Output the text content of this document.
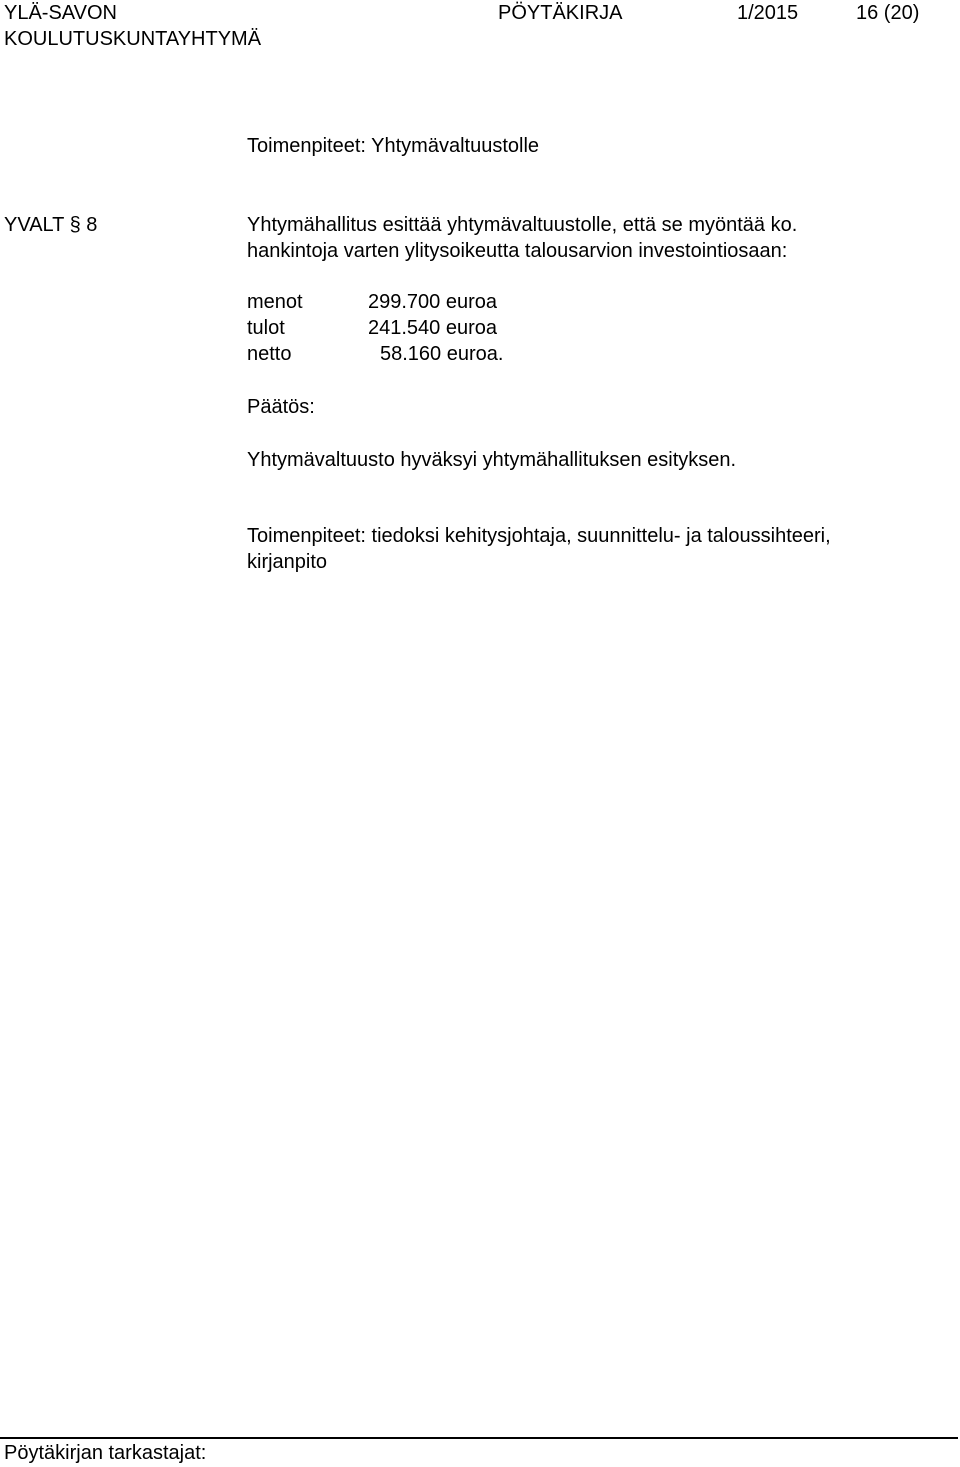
YLÄ-SAVON
KOULUTUSKUNTAYHTYMÄ
PÖYTÄKIRJA	1/2015	16 (20)
Toimenpiteet: Yhtymävaltuustolle
YVALT § 8	Yhtymähallitus esittää yhtymävaltuustolle, että se myöntää ko.
hankintoja varten ylitysoikeutta talousarvion investointiosaan:
menot	299.700 euroa
tulot	241.540 euroa
netto	58.160 euroa.
Päätös:
Yhtymävaltuusto hyväksyi yhtymähallituksen esityksen.
Toimenpiteet: tiedoksi kehitysjohtaja, suunnittelu- ja taloussihteeri,
kirjanpito
Pöytäkirjan tarkastajat:
